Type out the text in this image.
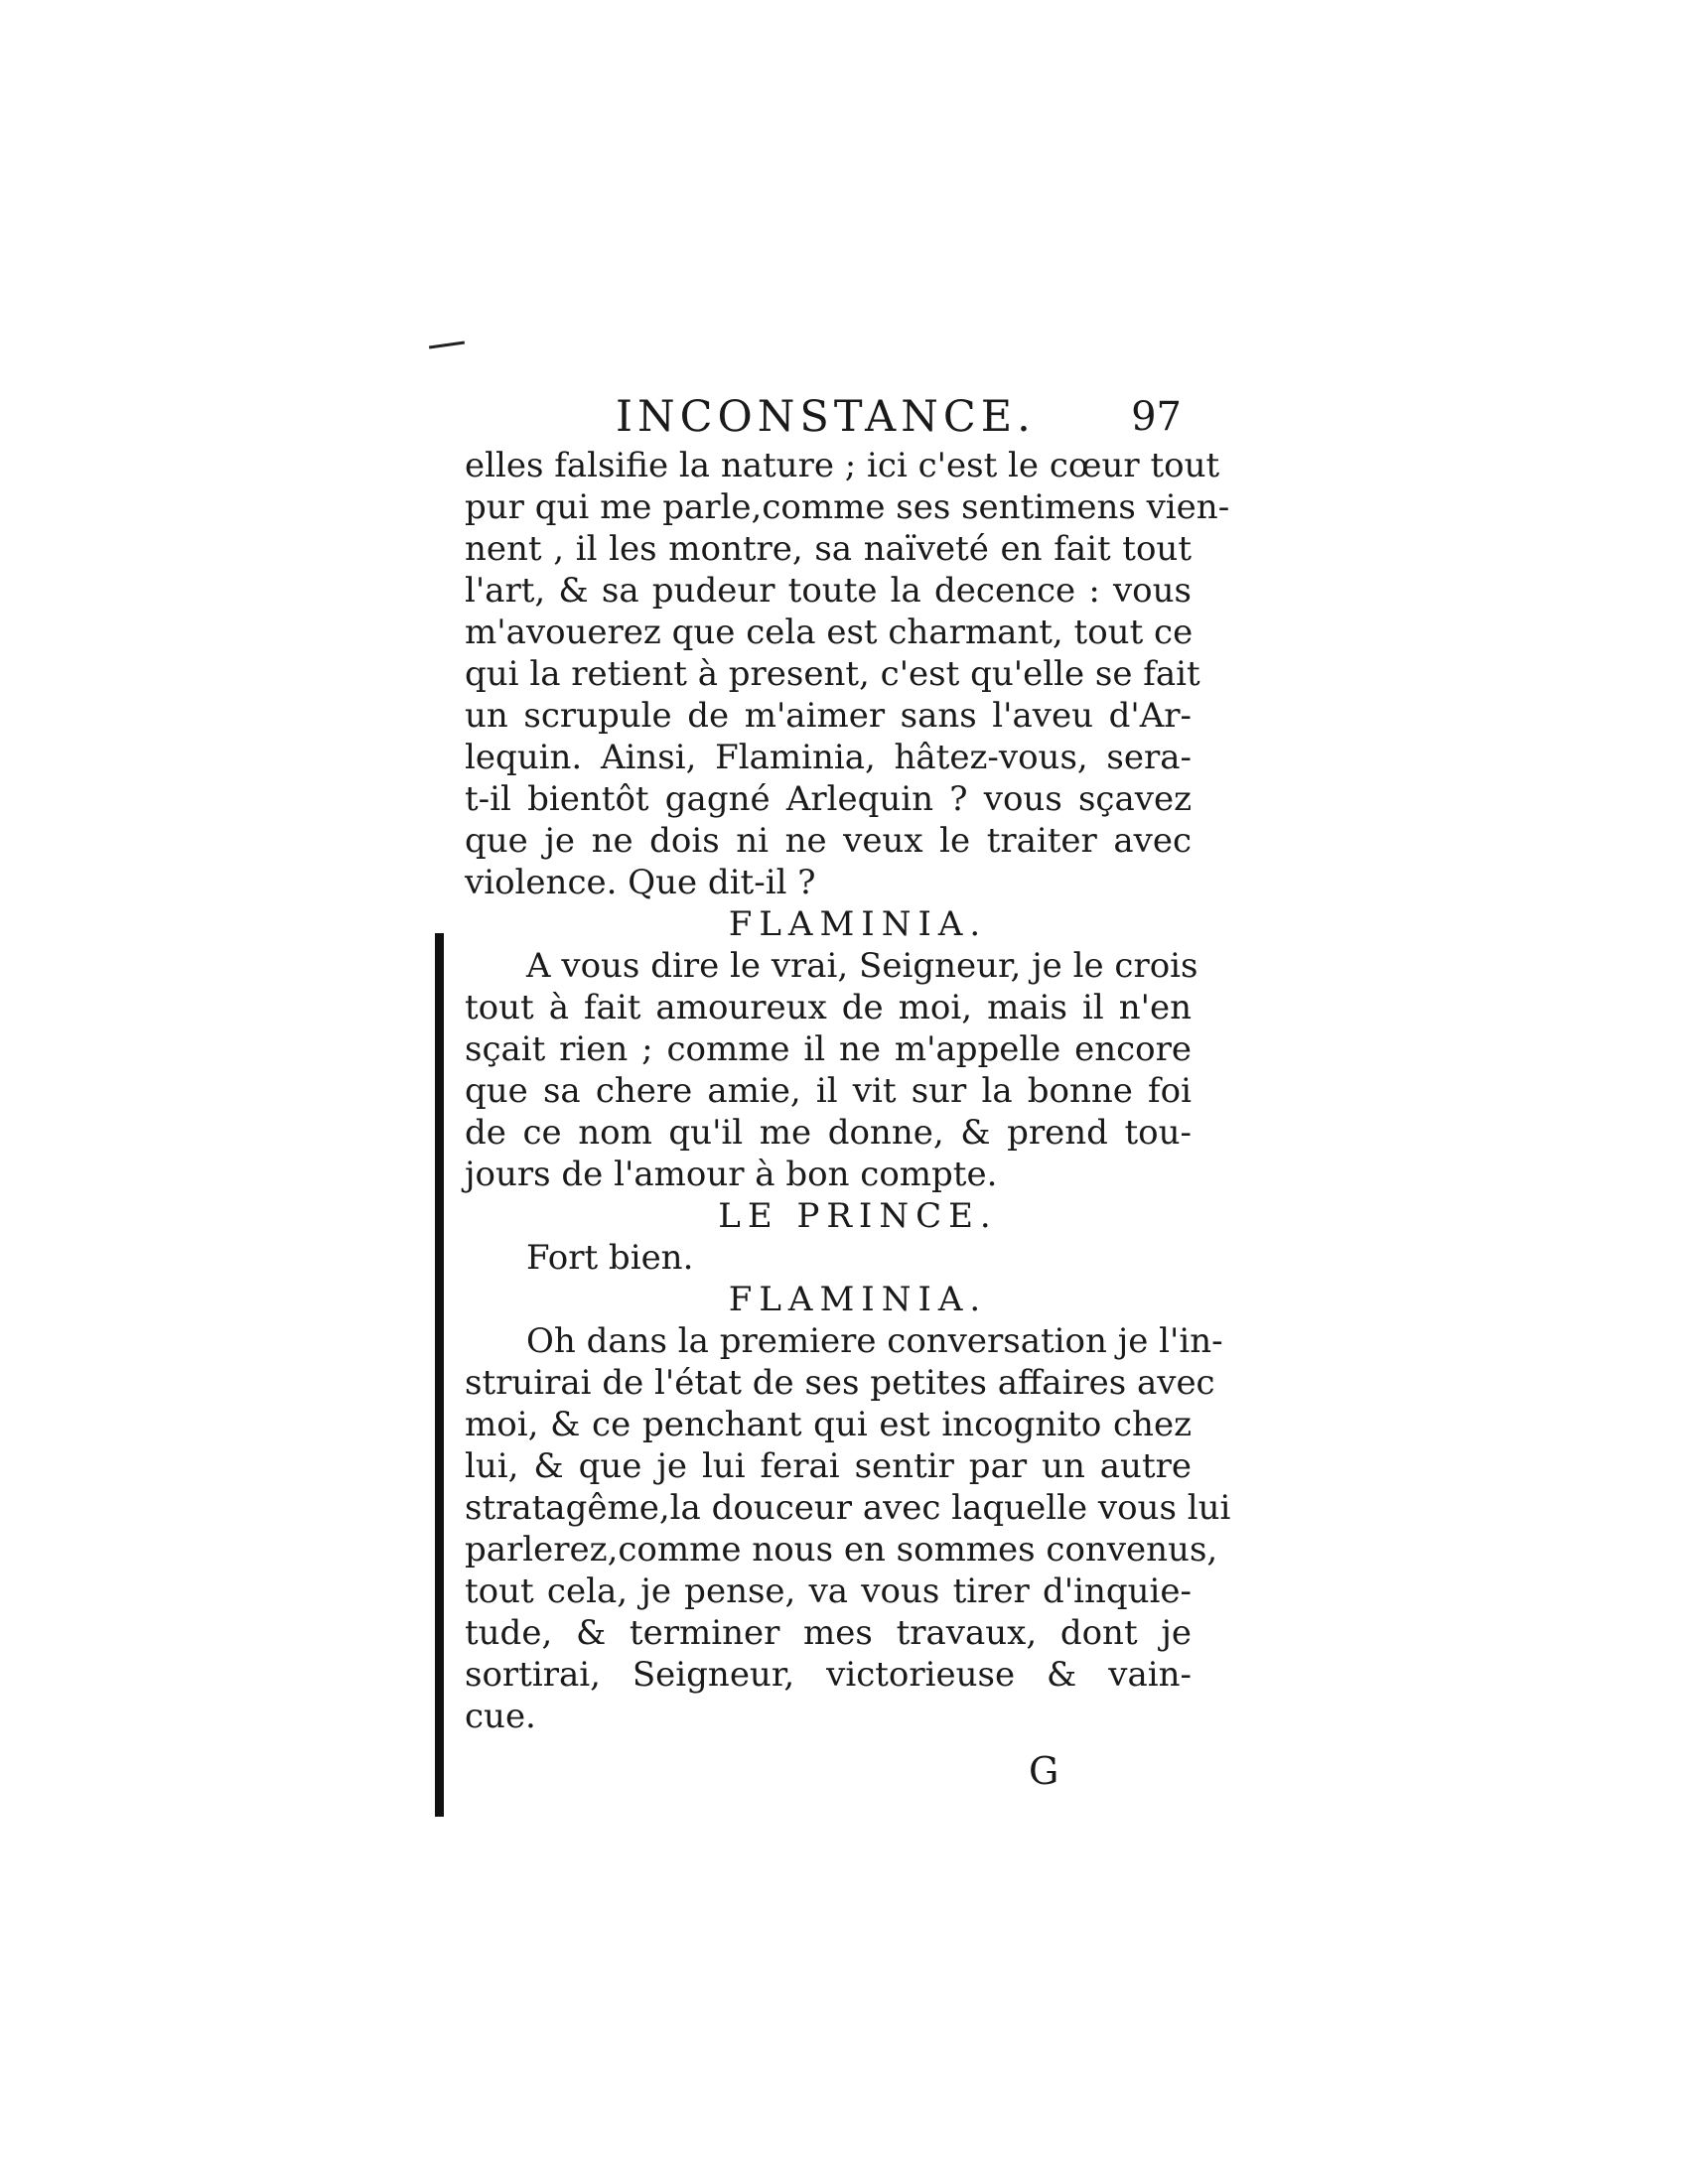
INCONSTANCE. 97
elles falsifie la nature ; ici c'est le cœur tout
pur qui me parle,comme ses sentimens vien-
nent , il les montre, sa naïveté en fait tout
l'art, & sa pudeur toute la decence : vous
m'avouerez que cela est charmant, tout ce
qui la retient à present, c'est qu'elle se fait
un scrupule de m'aimer sans l'aveu d'Ar-
lequin. Ainsi, Flaminia, hâtez-vous, sera-
t-il bientôt gagné Arlequin ? vous sçavez
que je ne dois ni ne veux le traiter avec
violence. Que dit-il ?
FLAMINIA.
A vous dire le vrai, Seigneur, je le crois
tout à fait amoureux de moi, mais il n'en
sçait rien ; comme il ne m'appelle encore
que sa chere amie, il vit sur la bonne foi
de ce nom qu'il me donne, & prend tou-
jours de l'amour à bon compte.
LE PRINCE.
Fort bien.
FLAMINIA.
Oh dans la premiere conversation je l'in-
struirai de l'état de ses petites affaires avec
moi, & ce penchant qui est incognito chez
lui, & que je lui ferai sentir par un autre
stratagême,la douceur avec laquelle vous lui
parlerez,comme nous en sommes convenus,
tout cela, je pense, va vous tirer d'inquie-
tude, & terminer mes travaux, dont je
sortirai, Seigneur, victorieuse & vain-
cue.
G
